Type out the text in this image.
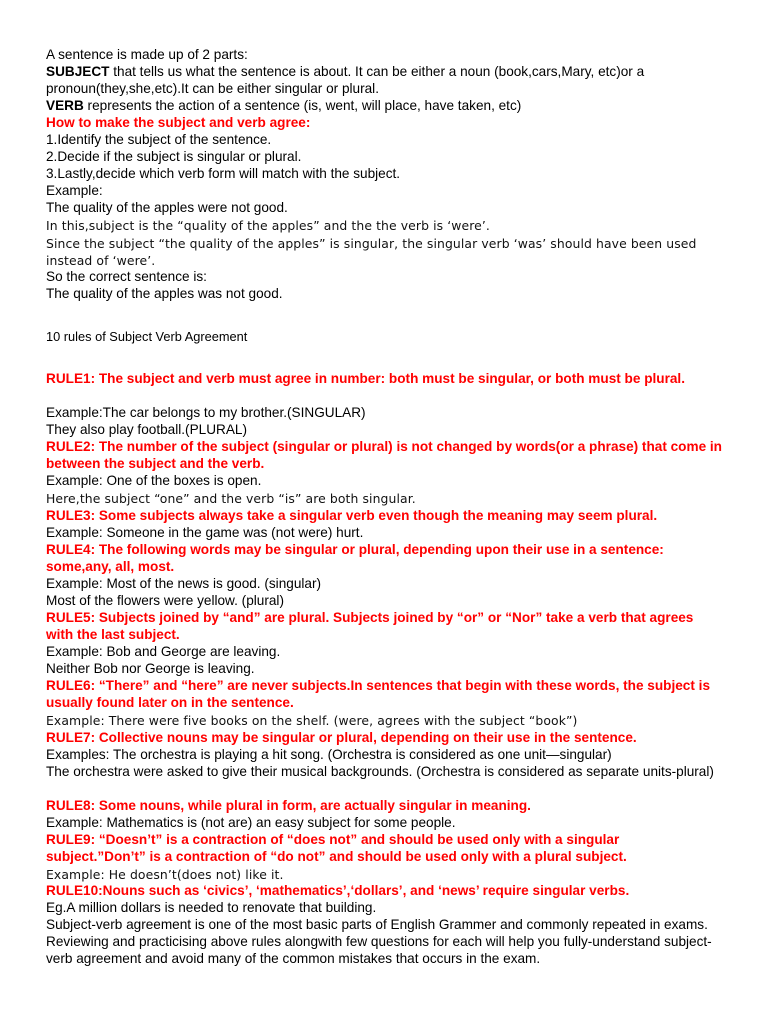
A sentence is made up of 2 parts:
SUBJECT that tells us what the sentence is about. It can be either a noun (book,cars,Mary, etc)or a pronoun(they,she,etc).It can be either singular or plural.
VERB represents the action of a sentence (is, went, will place, have taken, etc)
How to make the subject and verb agree:
1.Identify the subject of the sentence.
2.Decide if the subject is singular or plural.
3.Lastly,decide which verb form will match with the subject.
Example:
The quality of the apples were not good.
In this,subject is the “quality of the apples” and the the verb is ‘were’.
Since the subject “the quality of the apples” is singular, the singular verb ‘was’ should have been used instead of ‘were’.
So the correct sentence is:
The quality of the apples was not good.
10 rules of Subject Verb Agreement
RULE1: The subject and verb must agree in number: both must be singular, or both must be plural.
Example:The car belongs to my brother.(SINGULAR)
They also play football.(PLURAL)
RULE2: The number of the subject (singular or plural) is not changed by words(or a phrase) that come in between the subject and the verb.
Example: One of the boxes is open.
Here,the subject “one” and the verb “is” are both singular.
RULE3: Some subjects always take a singular verb even though the meaning may seem plural.
Example: Someone in the game was (not were) hurt.
RULE4: The following words may be singular or plural, depending upon their use in a sentence: some,any, all, most.
Example: Most of the news is good. (singular)
Most of the flowers were yellow. (plural)
RULE5: Subjects joined by “and” are plural. Subjects joined by “or” or “Nor” take a verb that agrees with the last subject.
Example: Bob and George are leaving.
Neither Bob nor George is leaving.
RULE6: “There” and “here” are never subjects.In sentences that begin with these words, the subject is usually found later on in the sentence.
Example: There were five books on the shelf. (were, agrees with the subject “book”)
RULE7: Collective nouns may be singular or plural, depending on their use in the sentence.
Examples: The orchestra is playing a hit song. (Orchestra is considered as one unit—singular)
The orchestra were asked to give their musical backgrounds. (Orchestra is considered as separate units-plural)
RULE8: Some nouns, while plural in form, are actually singular in meaning.
Example: Mathematics is (not are) an easy subject for some people.
RULE9: “Doesn’t” is a contraction of “does not” and should be used only with a singular subject.”Don’t” is a contraction of “do not” and should be used only with a plural subject.
Example: He doesn’t(does not) like it.
RULE10:Nouns such as ‘civics’, ‘mathematics’,‘dollars’, and ‘news’ require singular verbs.
Eg.A million dollars is needed to renovate that building.
Subject-verb agreement is one of the most basic parts of English Grammer and commonly repeated in exams. Reviewing and practicising above rules alongwith few questions for each will help you fully-understand subject-verb agreement and avoid many of the common mistakes that occurs in the exam.
